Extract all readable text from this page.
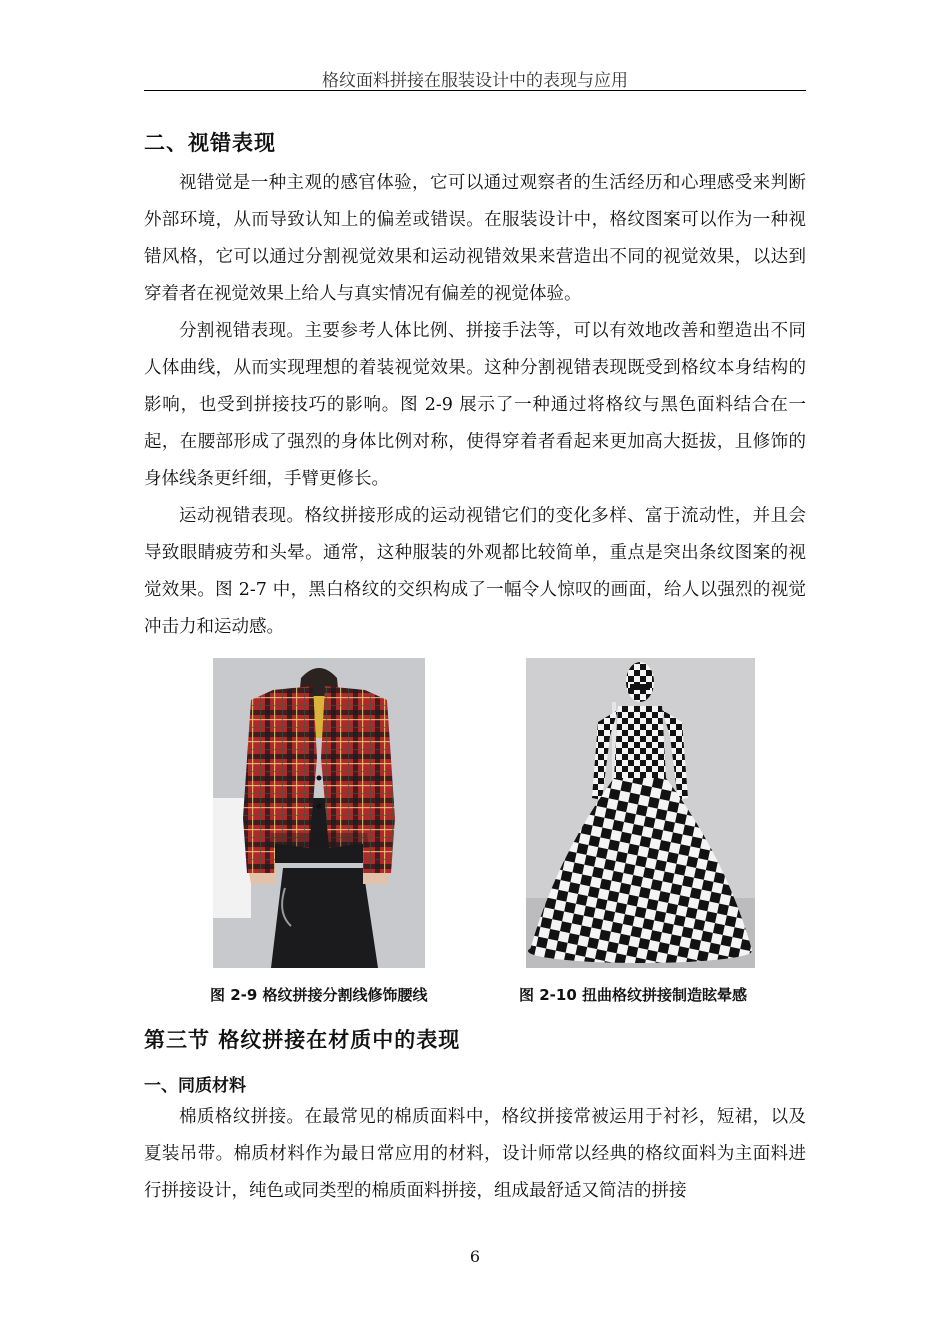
格纹面料拼接在服装设计中的表现与应用
二、视错表现

视错觉是一种主观的感官体验，它可以通过观察者的生活经历和心理感受来判断外部环境，从而导致认知上的偏差或错误。在服装设计中，格纹图案可以作为一种视错风格，它可以通过分割视觉效果和运动视错效果来营造出不同的视觉效果，以达到穿着者在视觉效果上给人与真实情况有偏差的视觉体验。

分割视错表现。主要参考人体比例、拼接手法等，可以有效地改善和塑造出不同人体曲线，从而实现理想的着装视觉效果。这种分割视错表现既受到格纹本身结构的影响，也受到拼接技巧的影响。图 2-9 展示了一种通过将格纹与黑色面料结合在一起，在腰部形成了强烈的身体比例对称，使得穿着者看起来更加高大挺拔，且修饰的身体线条更纤细，手臂更修长。

运动视错表现。格纹拼接形成的运动视错它们的变化多样、富于流动性，并且会导致眼睛疲劳和头晕。通常，这种服装的外观都比较简单，重点是突出条纹图案的视觉效果。图 2-7 中，黑白格纹的交织构成了一幅令人惊叹的画面，给人以强烈的视觉冲击力和运动感。

图 2-9 格纹拼接分割线修饰腰线	图 2-10 扭曲格纹拼接制造眩晕感
第三节 格纹拼接在材质中的表现
一、同质材料

棉质格纹拼接。在最常见的棉质面料中，格纹拼接常被运用于衬衫，短裙，以及夏装吊带。棉质材料作为最日常应用的材料，设计师常以经典的格纹面料为主面料进行拼接设计，纯色或同类型的棉质面料拼接，组成最舒适又简洁的拼接

6
